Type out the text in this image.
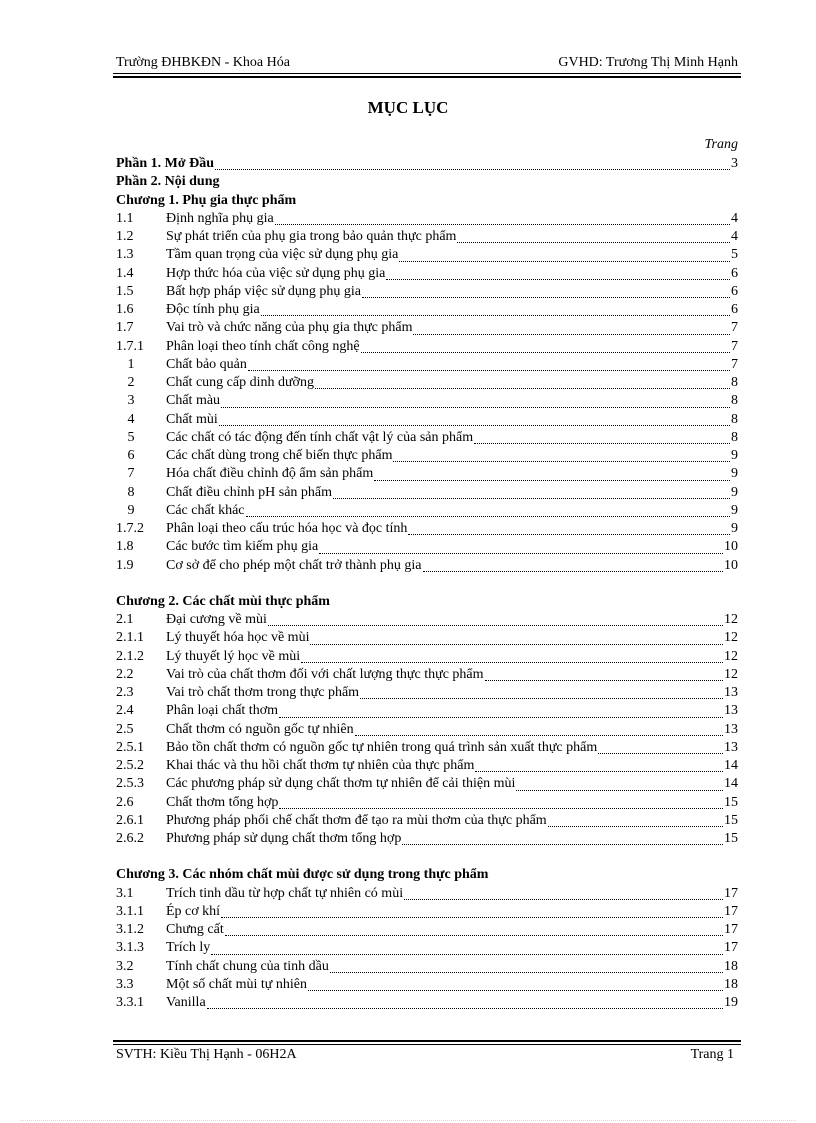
Trường ĐHBKĐN - Khoa Hóa	GVHD: Trương Thị Minh Hạnh
MỤC LỤC
Trang
Phần 1. Mở Đầu	3
Phần 2. Nội dung
Chương 1. Phụ gia thực phẩm
1.1	Định nghĩa phụ gia	4
1.2	Sự phát triển của phụ gia trong bảo quản thực phẩm	4
1.3	Tầm quan trọng của việc sử dụng phụ gia	5
1.4	Hợp thức hóa của việc sử dụng phụ gia	6
1.5	Bất hợp pháp việc sử dụng phụ gia	6
1.6	Độc tính phụ gia	6
1.7	Vai trò và chức năng của phụ gia thực phẩm	7
1.7.1	Phân loại theo tính chất công nghệ	7
1	Chất bảo quản	7
2	Chất cung cấp dinh dưỡng	8
3	Chất màu	8
4	Chất mùi	8
5	Các chất có tác động đến tính chất vật lý của sản phẩm	8
6	Các chất dùng trong chế biến thực phẩm	9
7	Hóa chất điều chỉnh độ ẩm sản phẩm	9
8	Chất điều chỉnh pH sản phẩm	9
9	Các chất khác	9
1.7.2	Phân loại theo cấu trúc hóa học và đọc tính	9
1.8	Các bước tìm kiếm phụ gia	10
1.9	Cơ sở để cho phép một chất trở thành phụ gia	10
Chương 2. Các chất mùi thực phẩm
2.1	Đại cương về mùi	12
2.1.1	Lý thuyết hóa học về mùi	12
2.1.2	Lý thuyết lý học về mùi	12
2.2	Vai trò của chất thơm đối với chất lượng thực thực phẩm	12
2.3	Vai trò chất thơm trong thực phẩm	13
2.4	Phân loại chất thơm	13
2.5	Chất thơm có nguồn gốc tự nhiên	13
2.5.1	Bảo tồn chất thơm có nguồn gốc tự nhiên trong quá trình sản xuất thực phẩm	13
2.5.2	Khai thác và thu hồi chất thơm tự nhiên của thực phẩm	14
2.5.3	Các phương pháp sử dụng chất thơm tự nhiên để cải thiện mùi	14
2.6	Chất thơm tổng hợp	15
2.6.1	Phương pháp phối chế chất thơm để tạo ra mùi thơm của thực phẩm	15
2.6.2	Phương pháp sử dụng chất thơm tổng hợp	15
Chương 3. Các nhóm chất mùi được sử dụng trong thực phẩm
3.1	Trích tinh dầu từ hợp chất tự nhiên có mùi	17
3.1.1	Ép cơ khí	17
3.1.2	Chưng cất	17
3.1.3	Trích ly	17
3.2	Tính chất chung của tinh dầu	18
3.3	Một số chất mùi tự nhiên	18
3.3.1	Vanilla	19
SVTH: Kiều Thị Hạnh - 06H2A	Trang 1
